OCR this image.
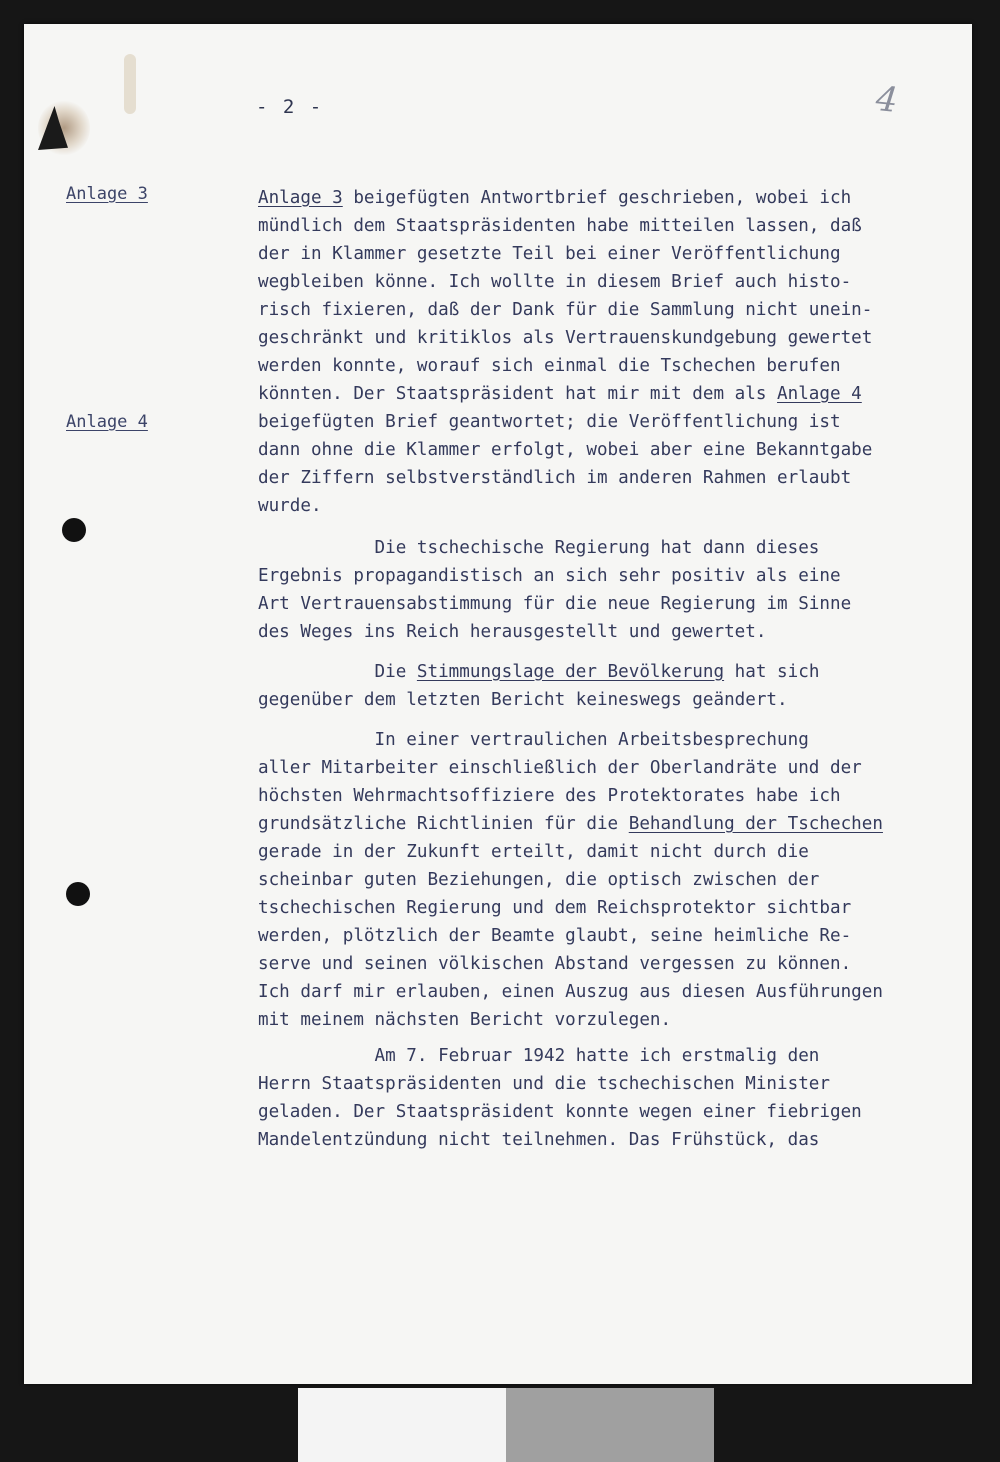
4
- 2 -
Anlage 3
Anlage 4
Anlage 3 beigefügten Antwortbrief geschrieben, wobei ich
mündlich dem Staatspräsidenten habe mitteilen lassen, daß
der in Klammer gesetzte Teil bei einer Veröffentlichung
wegbleiben könne. Ich wollte in diesem Brief auch histo-
risch fixieren, daß der Dank für die Sammlung nicht unein-
geschränkt und kritiklos als Vertrauenskundgebung gewertet
werden konnte, worauf sich einmal die Tschechen berufen
könnten. Der Staatspräsident hat mir mit dem als Anlage 4
beigefügten Brief geantwortet; die Veröffentlichung ist
dann ohne die Klammer erfolgt, wobei aber eine Bekanntgabe
der Ziffern selbstverständlich im anderen Rahmen erlaubt
wurde.
Die tschechische Regierung hat dann dieses
Ergebnis propagandistisch an sich sehr positiv als eine
Art Vertrauensabstimmung für die neue Regierung im Sinne
des Weges ins Reich herausgestellt und gewertet.
Die Stimmungslage der Bevölkerung hat sich
gegenüber dem letzten Bericht keineswegs geändert.
In einer vertraulichen Arbeitsbesprechung
aller Mitarbeiter einschließlich der Oberlandräte und der
höchsten Wehrmachtsoffiziere des Protektorates habe ich
grundsätzliche Richtlinien für die Behandlung der Tschechen
gerade in der Zukunft erteilt, damit nicht durch die
scheinbar guten Beziehungen, die optisch zwischen der
tschechischen Regierung und dem Reichsprotektor sichtbar
werden, plötzlich der Beamte glaubt, seine heimliche Re-
serve und seinen völkischen Abstand vergessen zu können.
Ich darf mir erlauben, einen Auszug aus diesen Ausführungen
mit meinem nächsten Bericht vorzulegen.
Am 7. Februar 1942 hatte ich erstmalig den
Herrn Staatspräsidenten und die tschechischen Minister
geladen. Der Staatspräsident konnte wegen einer fiebrigen
Mandelentzündung nicht teilnehmen. Das Frühstück, das
